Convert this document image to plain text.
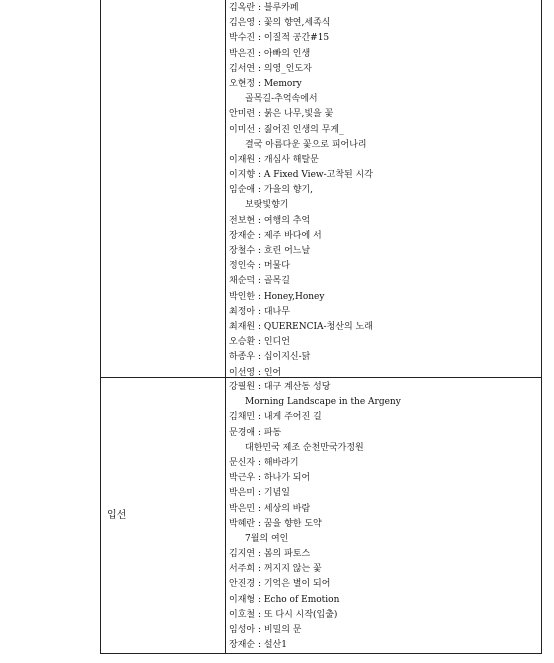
입선
김옥란 : 블루카페
김은영 : 꽃의 향연,세족식
박수진 : 이질적 공간#15
박은진 : 아빠의 인생
김서연 : 의영_인도자
오현정 : Memory
골목길-추억속에서
안미련 : 붉은 나무,빛을 꽃
이미선 : 짊어진 인생의 무게_
결국 아름다운 꽃으로 피어나리
이재원 : 개심사 해탈문
이지향 : A Fixed View-고착된 시각
임순애 : 가을의 향기,
보랏빛향기
전보현 : 여행의 추억
장재순 : 제주 바다에 서
장철수 : 흐린 어느날
정인숙 : 머물다
채순덕 : 골목길
박인한 : Honey,Honey
최정아 : 대나무
최재원 : QUERENCIA-청산의 노래
오승환 : 인디언
하종우 : 십이지신-닭
이선영 : 인어
강필원 : 대구 계산동 성당
Morning Landscape in the Argeny
김채민 : 내게 주어진 길
문경애 : 파동
대한민국 제조 순천만국가정원
문신자 : 해바라기
박근우 : 하나가 되어
박은미 : 기념일
박은민 : 세상의 바람
박혜란 : 꿈을 향한 도약
7월의 여인
김지연 : 봄의 파토스
서주희 : 꺼지지 않는 꽃
안진경 : 기억은 별이 되어
이재형 : Echo of Emotion
이호철 : 또 다시 시작(입출)
임성아 : 비밀의 문
장재순 : 설산1
